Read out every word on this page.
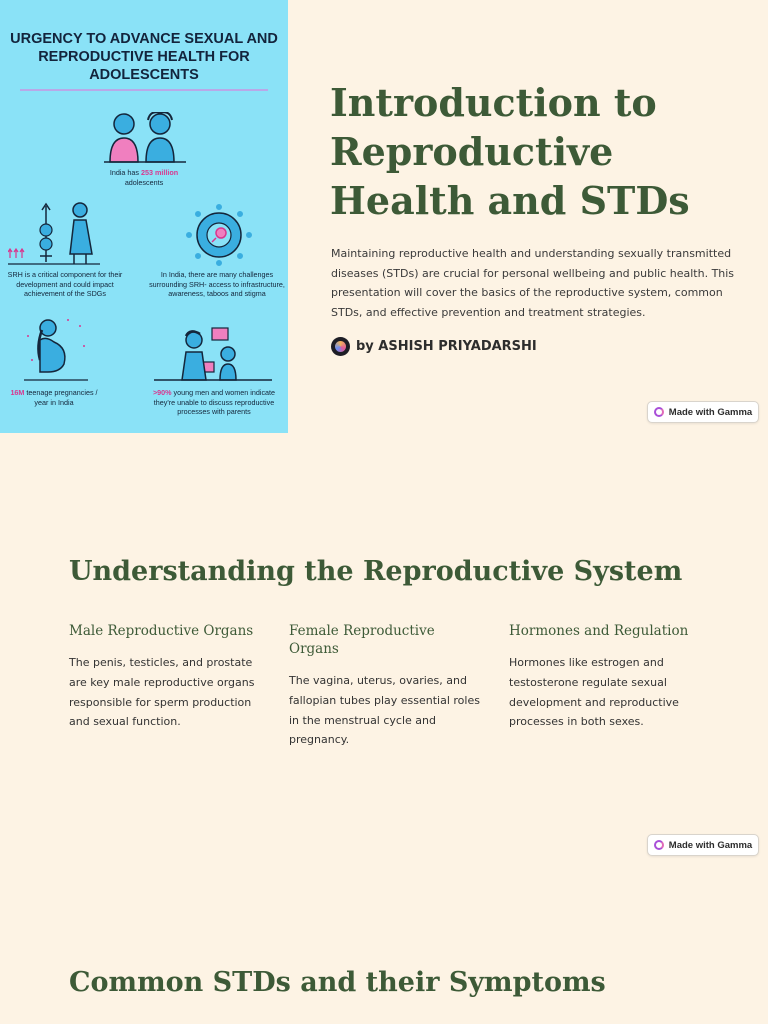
URGENCY TO ADVANCE SEXUAL AND REPRODUCTIVE HEALTH FOR ADOLESCENTS
India has 253 million
adolescents
SRH is a critical component for their development and could impact achievement of the SDGs
In India, there are many challenges surrounding SRH- access to infrastructure, awareness, taboos and stigma
16M teenage pregnancies / year in India
>90% young men and women indicate they're unable to discuss reproductive processes with parents
Introduction to Reproductive Health and STDs

Maintaining reproductive health and understanding sexually transmitted diseases (STDs) are crucial for personal wellbeing and public health. This presentation will cover the basics of the reproductive system, common STDs, and effective prevention and treatment strategies.

by ASHISH PRIYADARSHI
Made with Gamma
Understanding the Reproductive System
Male Reproductive Organs

The penis, testicles, and prostate are key male reproductive organs responsible for sperm production and sexual function.

Female Reproductive Organs

The vagina, uterus, ovaries, and fallopian tubes play essential roles in the menstrual cycle and pregnancy.

Hormones and Regulation

Hormones like estrogen and testosterone regulate sexual development and reproductive processes in both sexes.

Made with Gamma
Common STDs and their Symptoms
